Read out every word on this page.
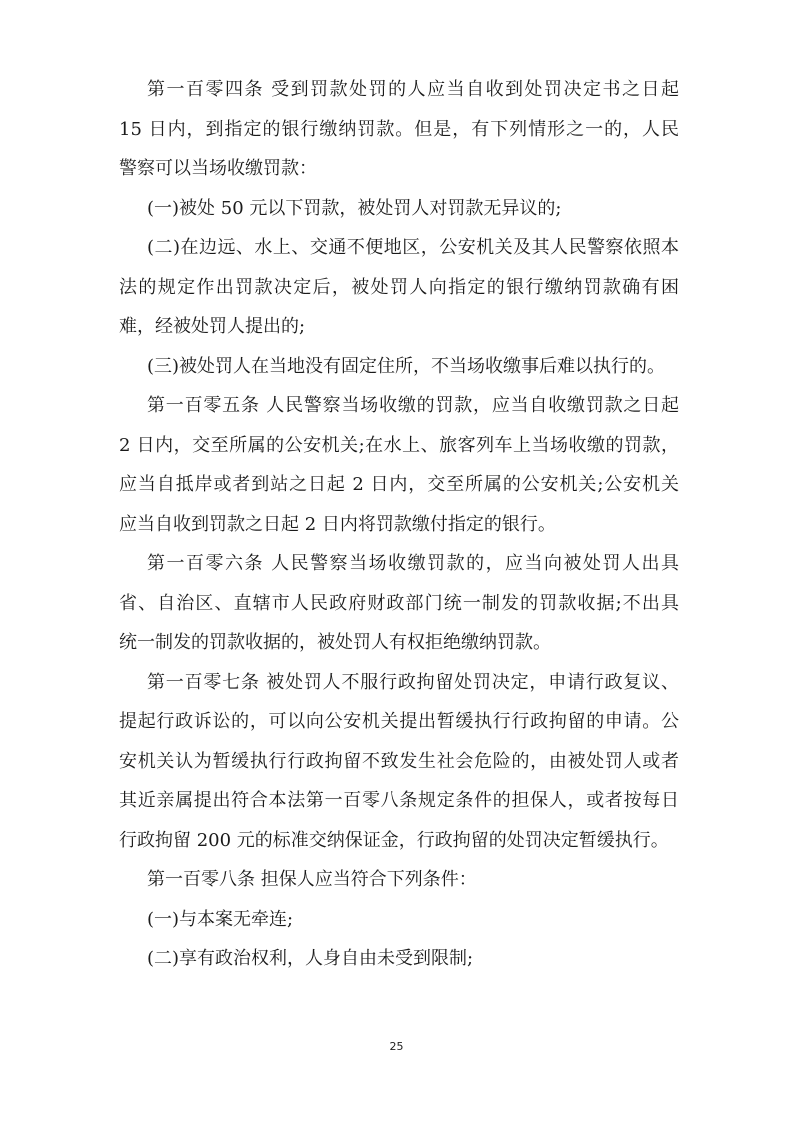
第一百零四条 受到罚款处罚的人应当自收到处罚决定书之日起
15 日内，到指定的银行缴纳罚款。但是，有下列情形之一的，人民
警察可以当场收缴罚款：
(一)被处 50 元以下罚款，被处罚人对罚款无异议的;
(二)在边远、水上、交通不便地区，公安机关及其人民警察依照本
法的规定作出罚款决定后，被处罚人向指定的银行缴纳罚款确有困
难，经被处罚人提出的;
(三)被处罚人在当地没有固定住所，不当场收缴事后难以执行的。
第一百零五条 人民警察当场收缴的罚款，应当自收缴罚款之日起
2 日内，交至所属的公安机关;在水上、旅客列车上当场收缴的罚款，
应当自抵岸或者到站之日起 2 日内，交至所属的公安机关;公安机关
应当自收到罚款之日起 2 日内将罚款缴付指定的银行。
第一百零六条 人民警察当场收缴罚款的，应当向被处罚人出具
省、自治区、直辖市人民政府财政部门统一制发的罚款收据;不出具
统一制发的罚款收据的，被处罚人有权拒绝缴纳罚款。
第一百零七条 被处罚人不服行政拘留处罚决定，申请行政复议、
提起行政诉讼的，可以向公安机关提出暂缓执行行政拘留的申请。公
安机关认为暂缓执行行政拘留不致发生社会危险的，由被处罚人或者
其近亲属提出符合本法第一百零八条规定条件的担保人，或者按每日
行政拘留 200 元的标准交纳保证金，行政拘留的处罚决定暂缓执行。
第一百零八条 担保人应当符合下列条件：
(一)与本案无牵连;
(二)享有政治权利，人身自由未受到限制;
25
